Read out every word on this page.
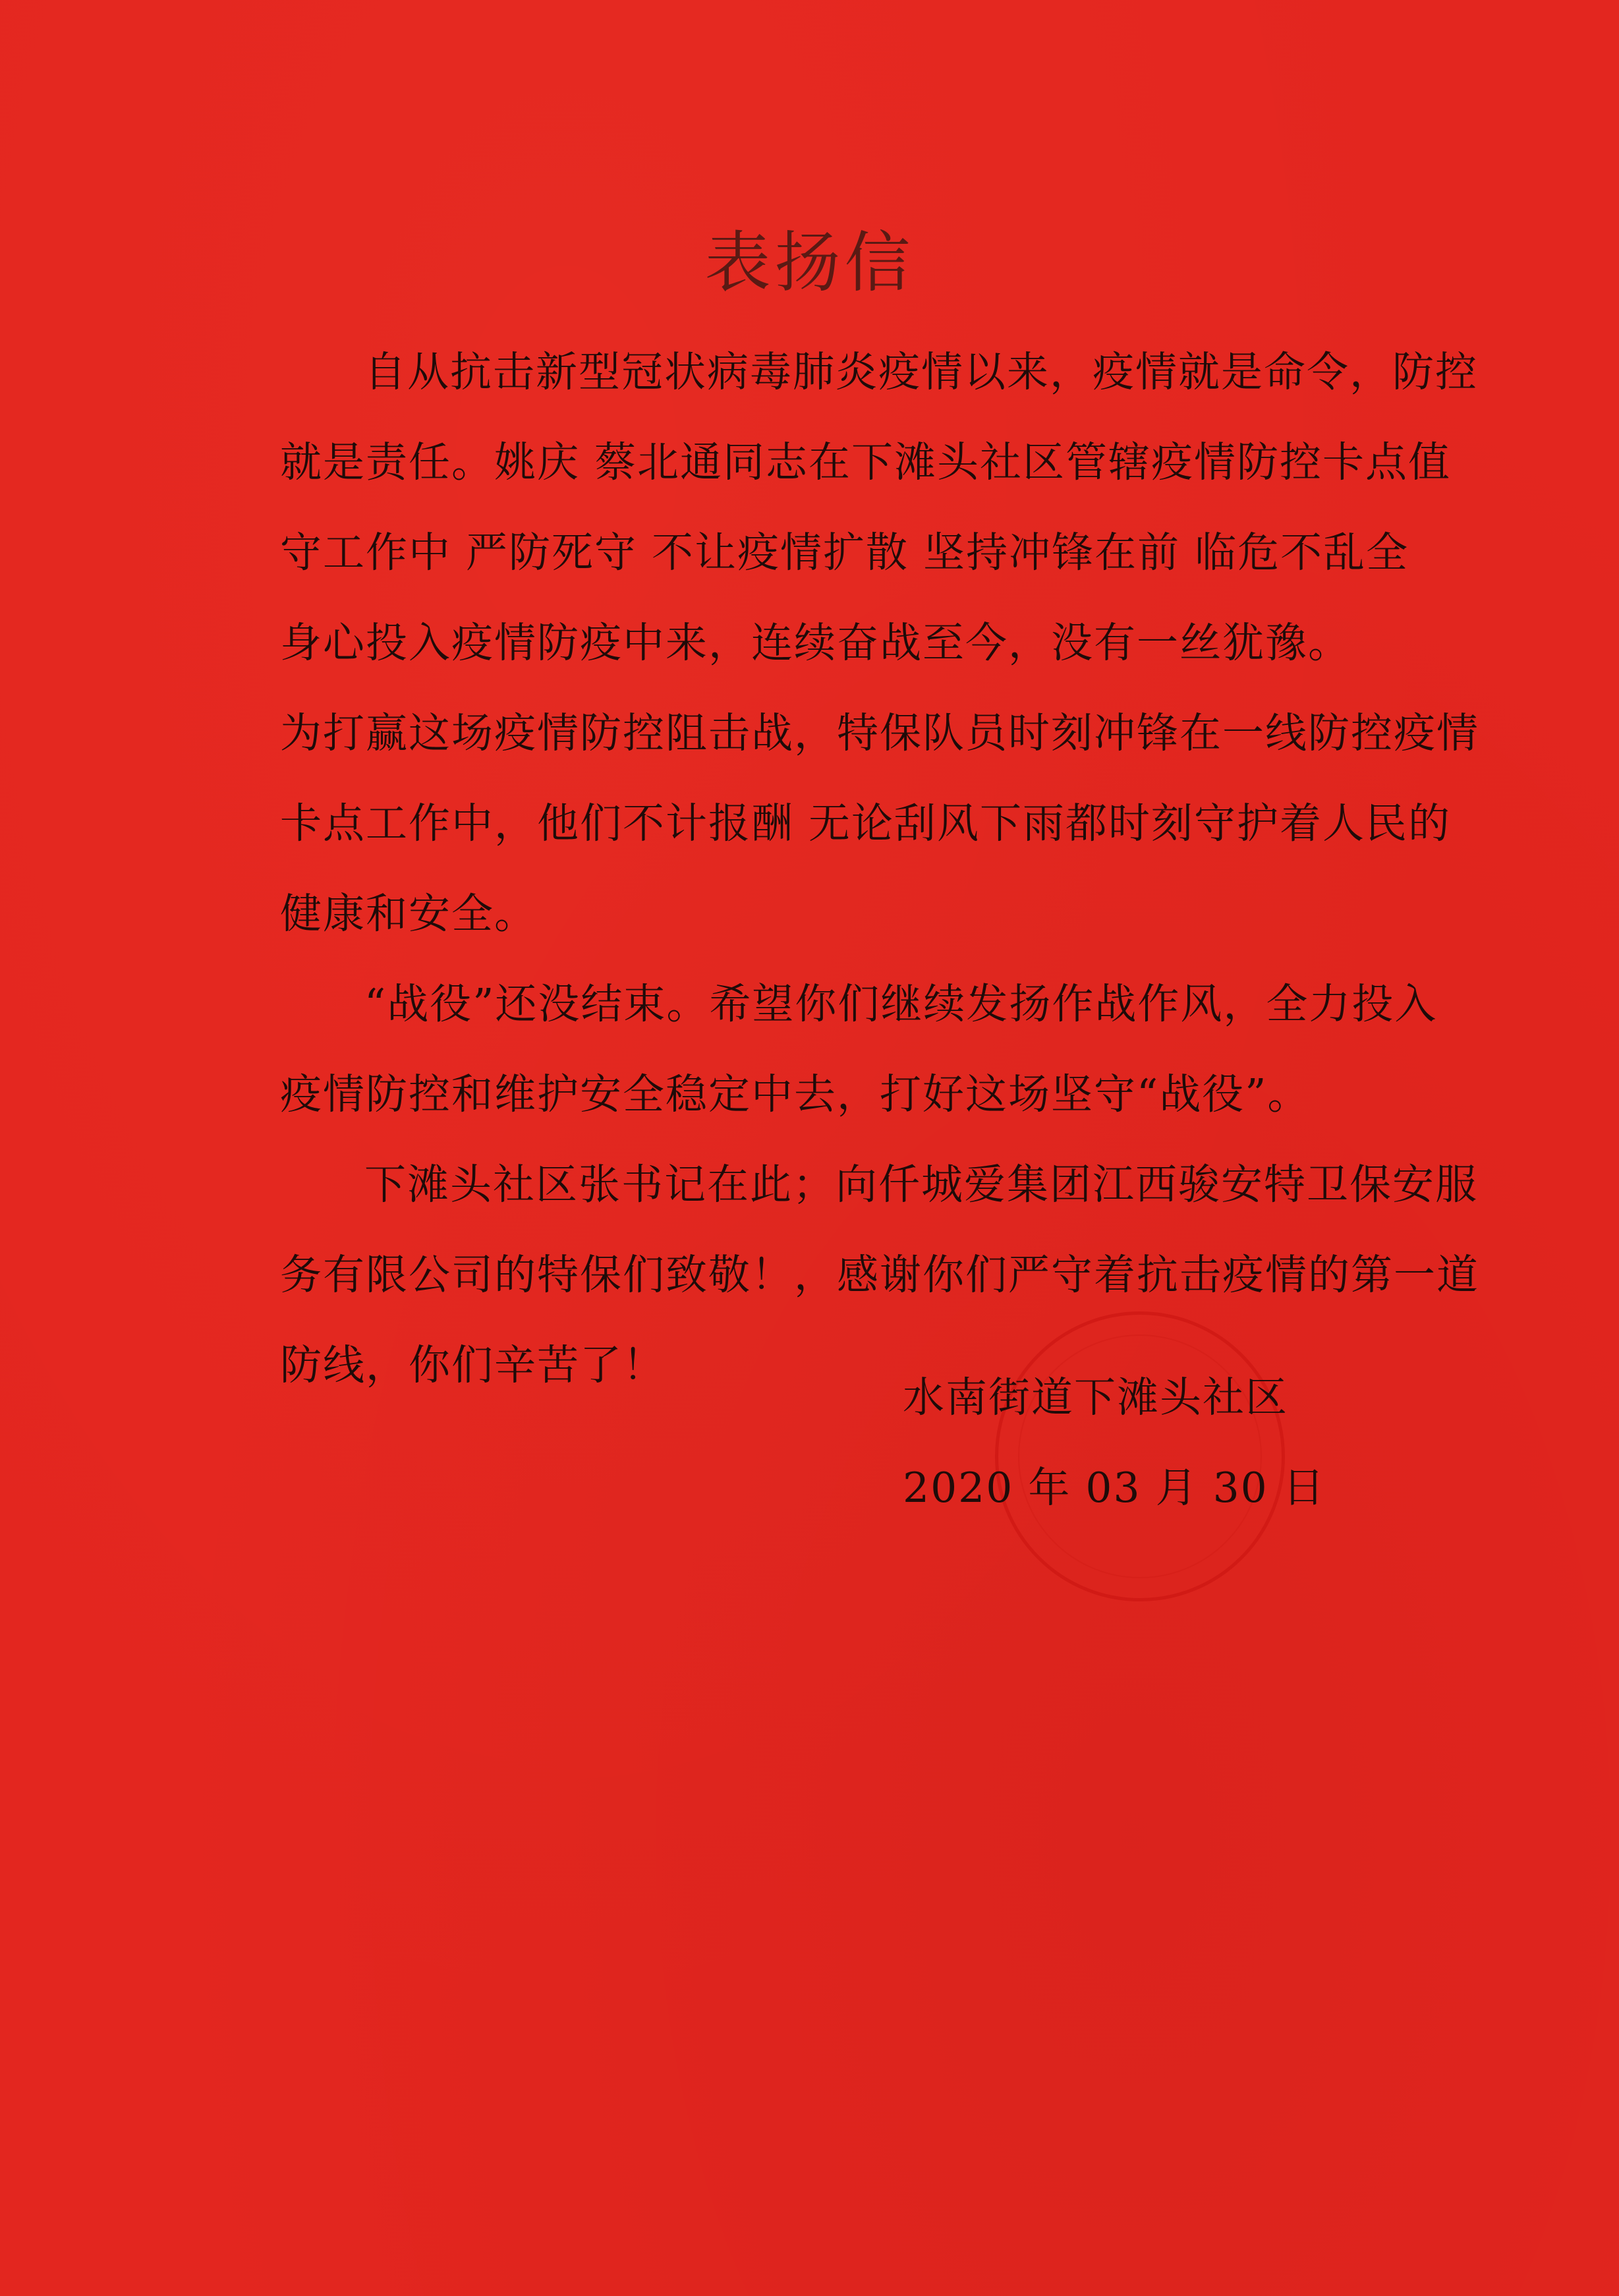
表扬信
自从抗击新型冠状病毒肺炎疫情以来，疫情就是命令，防控
就是责任。姚庆 蔡北通同志在下滩头社区管辖疫情防控卡点值
守工作中 严防死守 不让疫情扩散 坚持冲锋在前 临危不乱全
身心投入疫情防疫中来，连续奋战至今，没有一丝犹豫。
为打赢这场疫情防控阻击战，特保队员时刻冲锋在一线防控疫情
卡点工作中，他们不计报酬 无论刮风下雨都时刻守护着人民的
健康和安全。
“战役”还没结束。希望你们继续发扬作战作风，全力投入
疫情防控和维护安全稳定中去，打好这场坚守“战役”。
下滩头社区张书记在此；向仟城爱集团江西骏安特卫保安服
务有限公司的特保们致敬！，感谢你们严守着抗击疫情的第一道
防线，你们辛苦了！
水南街道下滩头社区
2020 年 03 月 30 日
